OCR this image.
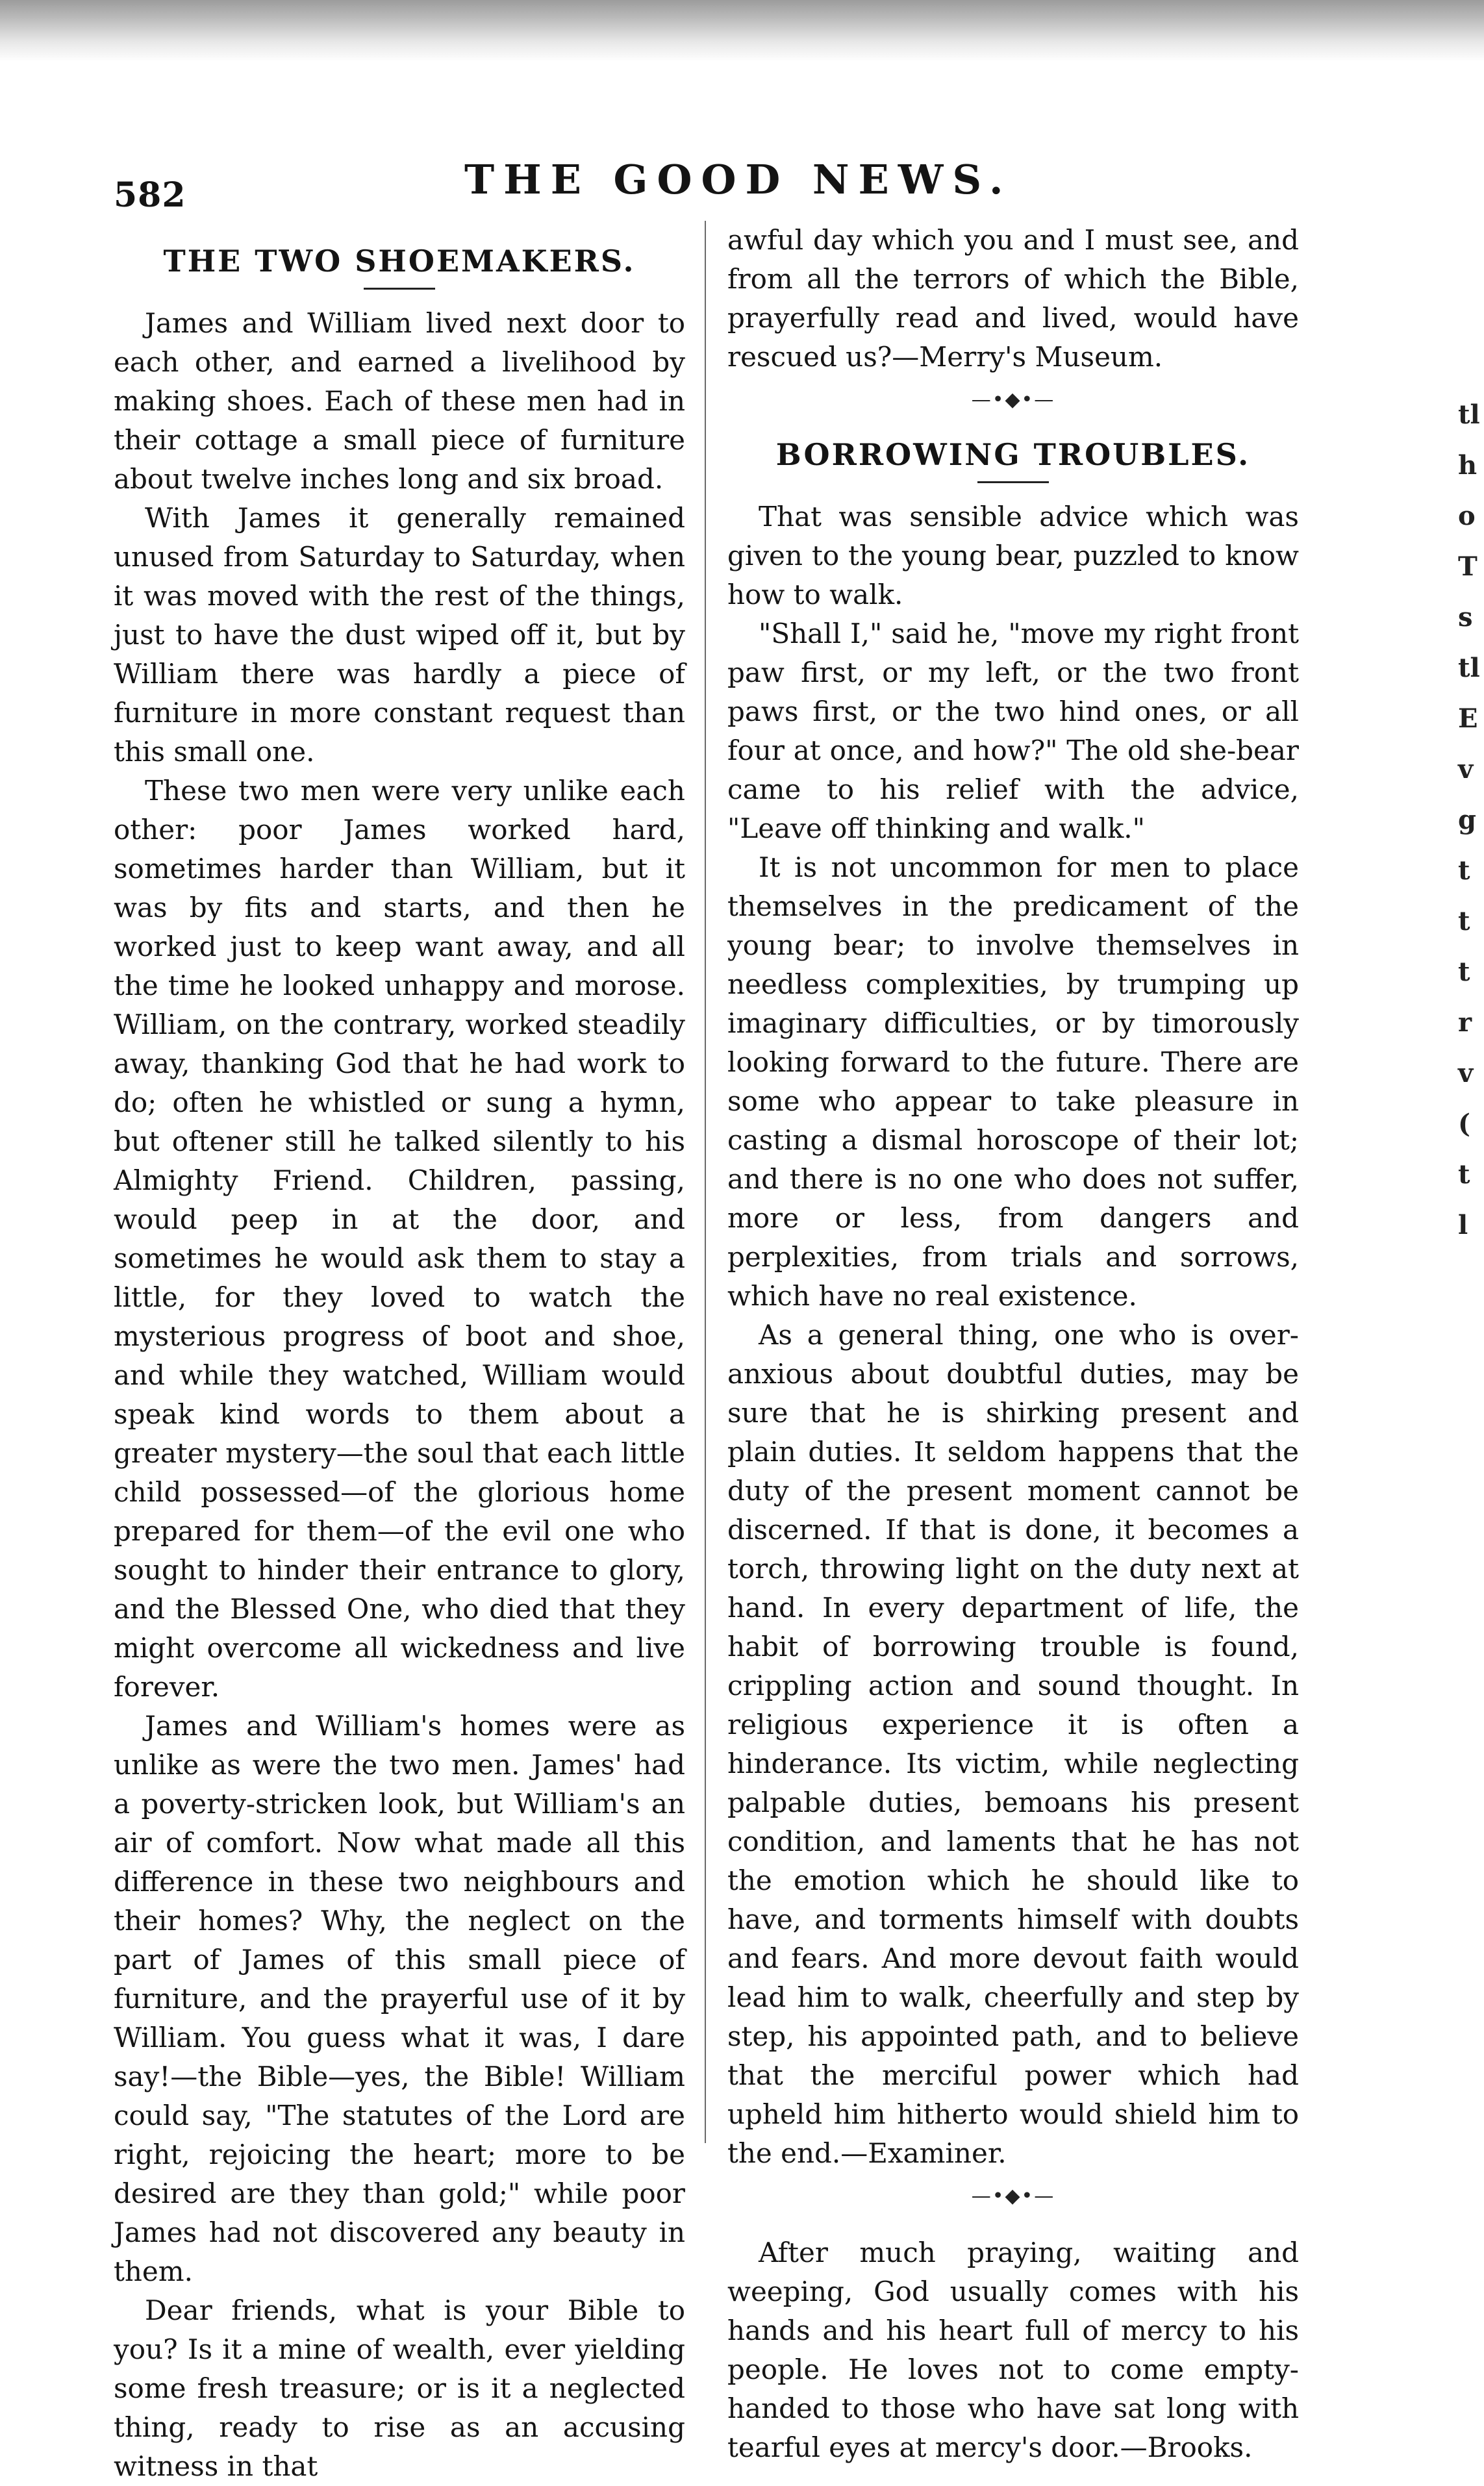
582	THE GOOD NEWS.
THE TWO SHOEMAKERS.

James and William lived next door to each other, and earned a livelihood by making shoes. Each of these men had in their cottage a small piece of furniture about twelve inches long and six broad.

With James it generally remained unused from Saturday to Saturday, when it was moved with the rest of the things, just to have the dust wiped off it, but by William there was hardly a piece of furniture in more constant request than this small one.

These two men were very unlike each other: poor James worked hard, sometimes harder than William, but it was by fits and starts, and then he worked just to keep want away, and all the time he looked unhappy and morose. William, on the contrary, worked steadily away, thanking God that he had work to do; often he whistled or sung a hymn, but oftener still he talked silently to his Almighty Friend. Children, passing, would peep in at the door, and sometimes he would ask them to stay a little, for they loved to watch the mysterious progress of boot and shoe, and while they watched, William would speak kind words to them about a greater mystery—the soul that each little child possessed—of the glorious home prepared for them—of the evil one who sought to hinder their entrance to glory, and the Blessed One, who died that they might overcome all wickedness and live forever.

James and William's homes were as unlike as were the two men. James' had a poverty-stricken look, but William's an air of comfort. Now what made all this difference in these two neighbours and their homes? Why, the neglect on the part of James of this small piece of furniture, and the prayerful use of it by William. You guess what it was, I dare say!—the Bible—yes, the Bible! William could say, "The statutes of the Lord are right, rejoicing the heart; more to be desired are they than gold;" while poor James had not discovered any beauty in them.

Dear friends, what is your Bible to you? Is it a mine of wealth, ever yielding some fresh treasure; or is it a neglected thing, ready to rise as an accusing witness in that

awful day which you and I must see, and from all the terrors of which the Bible, prayerfully read and lived, would have rescued us?—Merry's Museum.

—•◆•—
BORROWING TROUBLES.

That was sensible advice which was given to the young bear, puzzled to know how to walk.

"Shall I," said he, "move my right front paw first, or my left, or the two front paws first, or the two hind ones, or all four at once, and how?" The old she-bear came to his relief with the advice, "Leave off thinking and walk."

It is not uncommon for men to place themselves in the predicament of the young bear; to involve themselves in needless complexities, by trumping up imaginary difficulties, or by timorously looking forward to the future. There are some who appear to take pleasure in casting a dismal horoscope of their lot; and there is no one who does not suffer, more or less, from dangers and perplexities, from trials and sorrows, which have no real existence.

As a general thing, one who is over-anxious about doubtful duties, may be sure that he is shirking present and plain duties. It seldom happens that the duty of the present moment cannot be discerned. If that is done, it becomes a torch, throwing light on the duty next at hand. In every department of life, the habit of borrowing trouble is found, crippling action and sound thought. In religious experience it is often a hinderance. Its victim, while neglecting palpable duties, bemoans his present condition, and laments that he has not the emotion which he should like to have, and torments himself with doubts and fears. And more devout faith would lead him to walk, cheerfully and step by step, his appointed path, and to believe that the merciful power which had upheld him hitherto would shield him to the end.—Examiner.

—•◆•—

After much praying, waiting and weeping, God usually comes with his hands and his heart full of mercy to his people. He loves not to come empty-handed to those who have sat long with tearful eyes at mercy's door.—Brooks.

tl
h
o
T
s
tl
E
v
g
t
t
t
r
v
(
t
l
